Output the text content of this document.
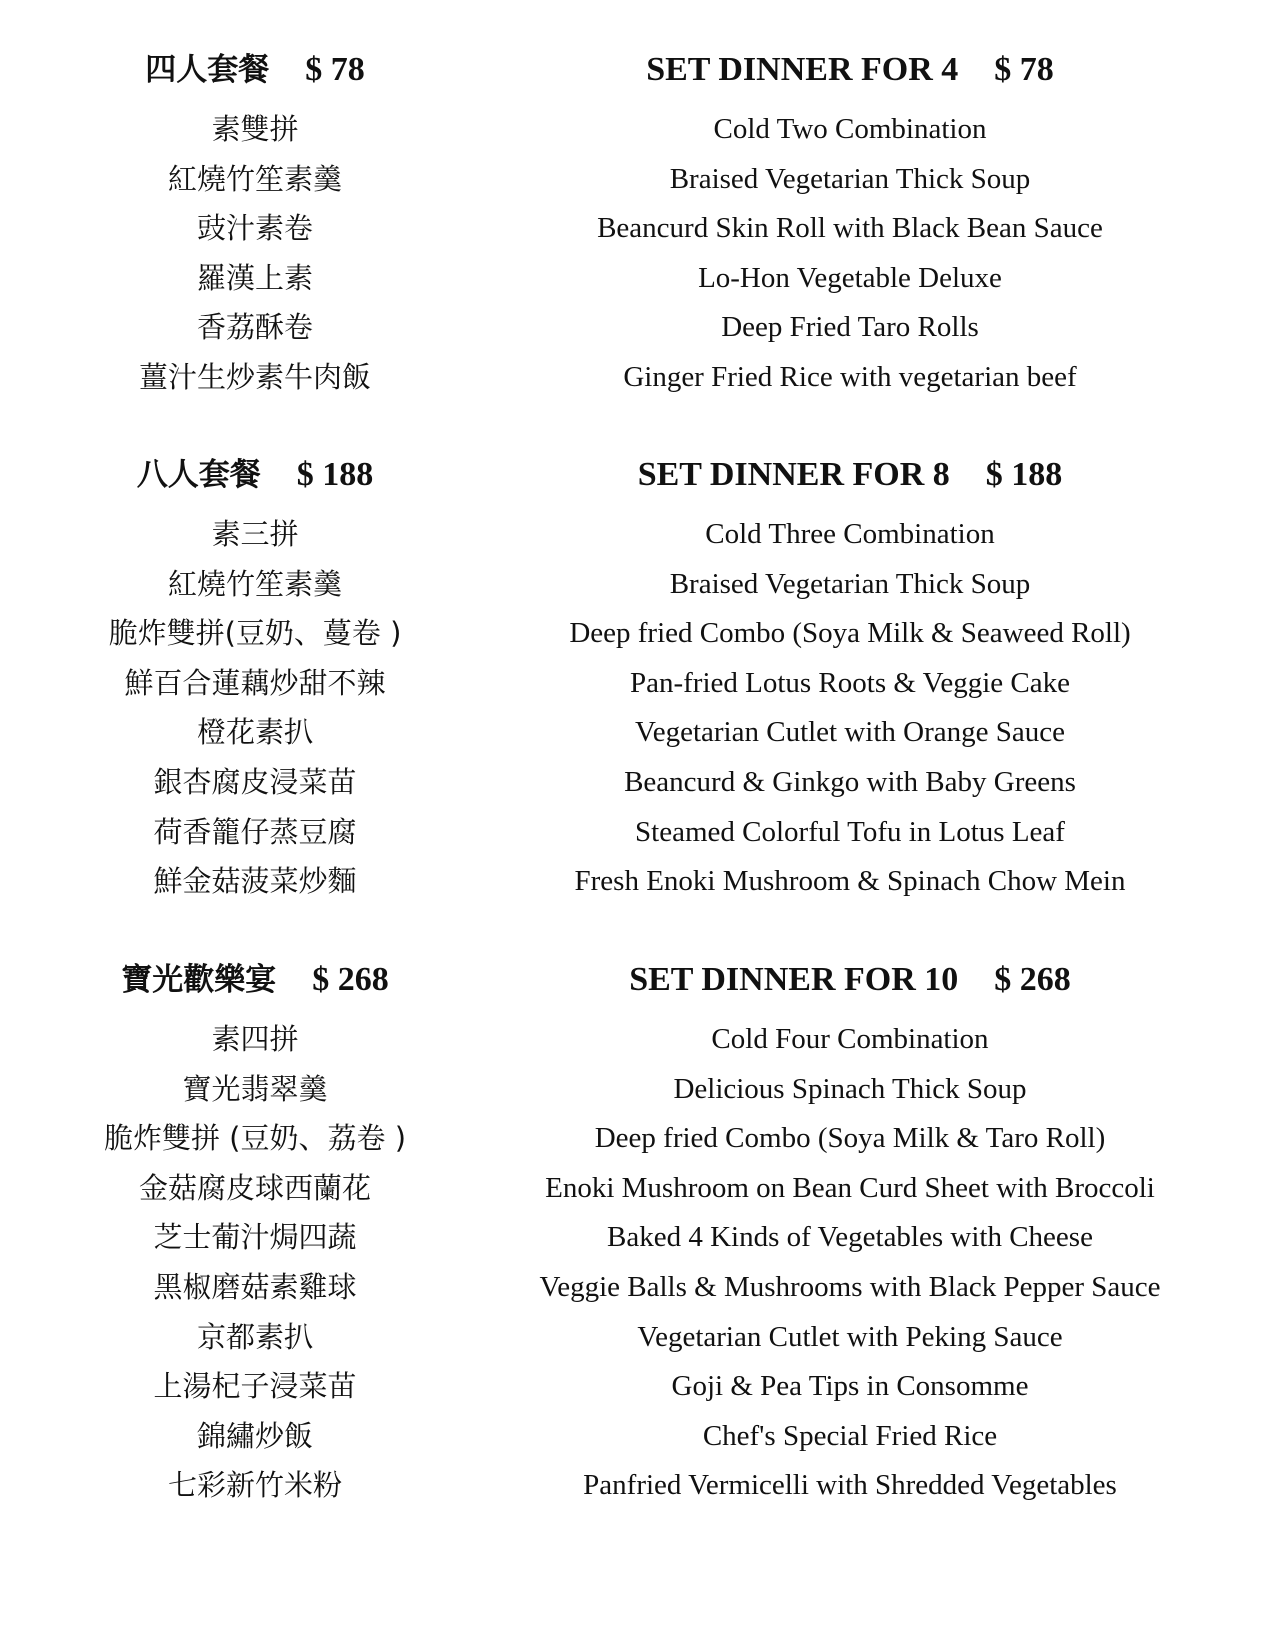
四人套餐 $ 78	SET DINNER FOR 4 $ 78
素雙拼	Cold Two Combination
紅燒竹笙素羹	Braised Vegetarian Thick Soup
豉汁素卷	Beancurd Skin Roll with Black Bean Sauce
羅漢上素	Lo-Hon Vegetable Deluxe
香荔酥卷	Deep Fried Taro Rolls
薑汁生炒素牛肉飯	Ginger Fried Rice with vegetarian beef
八人套餐 $ 188	SET DINNER FOR 8 $ 188
素三拼	Cold Three Combination
紅燒竹笙素羹	Braised Vegetarian Thick Soup
脆炸雙拼(豆奶、蔓卷 )	Deep fried Combo (Soya Milk & Seaweed Roll)
鮮百合蓮藕炒甜不辣	Pan-fried Lotus Roots & Veggie Cake
橙花素扒	Vegetarian Cutlet with Orange Sauce
銀杏腐皮浸菜苗	Beancurd & Ginkgo with Baby Greens
荷香籠仔蒸豆腐	Steamed Colorful Tofu in Lotus Leaf
鮮金菇菠菜炒麵	Fresh Enoki Mushroom & Spinach Chow Mein
寶光歡樂宴 $ 268	SET DINNER FOR 10 $ 268
素四拼	Cold Four Combination
寶光翡翠羹	Delicious Spinach Thick Soup
脆炸雙拼 (豆奶、荔卷 )	Deep fried Combo (Soya Milk & Taro Roll)
金菇腐皮球西蘭花	Enoki Mushroom on Bean Curd Sheet with Broccoli
芝士葡汁焗四蔬	Baked 4 Kinds of Vegetables with Cheese
黑椒磨菇素雞球	Veggie Balls & Mushrooms with Black Pepper Sauce
京都素扒	Vegetarian Cutlet with Peking Sauce
上湯杞子浸菜苗	Goji & Pea Tips in Consomme
錦繡炒飯	Chef's Special Fried Rice
七彩新竹米粉	Panfried Vermicelli with Shredded Vegetables
